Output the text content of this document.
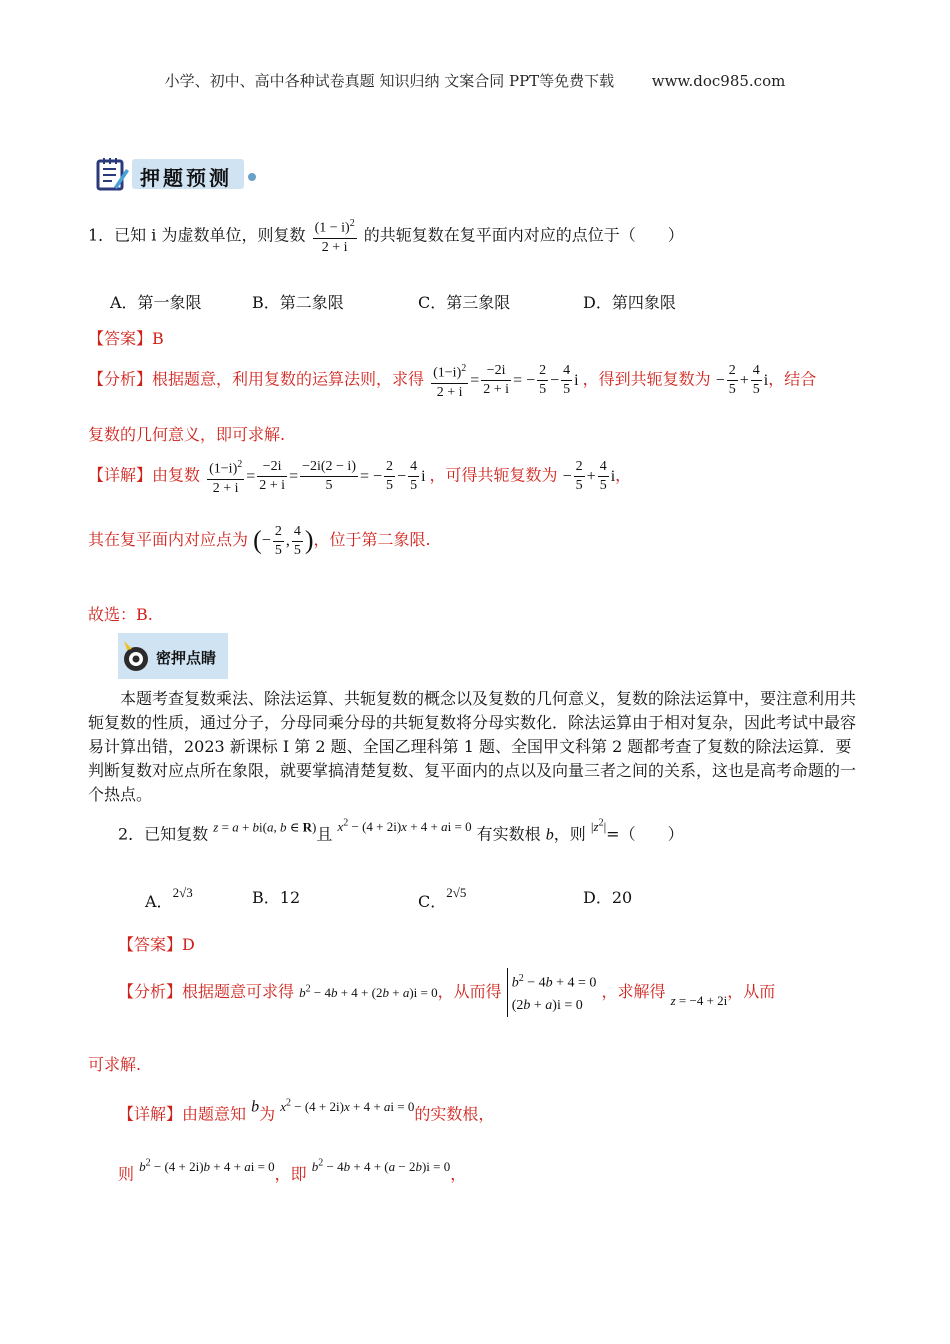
小学、初中、高中各种试卷真题 知识归纳 文案合同 PPT等免费下载	www.doc985.com
押题预测
1．已知 i 为虚数单位，则复数 $\frac{(1 - i)^2}{2 + i}$ 的共轭复数在复平面内对应的点位于（　　）
A．第一象限	B．第二象限	C．第三象限	D．第四象限
【答案】B
【分析】根据题意，利用复数的运算法则，求得 $\frac{(1-i)^2}{2 + i} = \frac{-2i}{2 + i}$ = − $\frac{2}{5} - \frac{4}{5}$ i ，得到共轭复数为 − $\frac{2}{5} + \frac{4}{5}$ i，结合
复数的几何意义，即可求解.
【详解】由复数 $\frac{(1-i)^2}{2 + i} = \frac{-2i}{2 + i} = \frac{-2i(2 - i)}{5}$ = − $\frac{2}{5} - \frac{4}{5}$ i ，可得共轭复数为 − $\frac{2}{5} + \frac{4}{5}$ i，
其在复平面内对应点为 (− $\frac{2}{5}$ , $\frac{4}{5}$ )，位于第二象限.
故选：B.
密押点睛
本题考查复数乘法、除法运算、共轭复数的概念以及复数的几何意义，复数的除法运算中，要注意利用共轭复数的性质，通过分子，分母同乘分母的共轭复数将分母实数化．除法运算由于相对复杂，因此考试中最容易计算出错，2023 新课标 I 第 2 题、全国乙理科第 1 题、全国甲文科第 2 题都考查了复数的除法运算．要判断复数对应点所在象限，就要掌搞清楚复数、复平面内的点以及向量三者之间的关系，这也是高考命题的一个热点。
2．已知复数 $^{z = a + bi(a, b \in R)}$且 $^{x^2 - (4 + 2i)x + 4 + ai = 0}$ 有实数根 b，则 $^{|z^2|}$=（　　）
A．$^{2√3}$	B．12	C．$^{2√5}$	D．20
【答案】D
【分析】根据题意可求得 $b^2 - 4b + 4 + (2b + a)i = 0$，从而得 $b^2 - 4b + 4 = 0$
(2b + a)i = 0
，求解得 $_{z = -4 + 2i}$，从而
可求解.
【详解】由题意知 b为 $^{x^2 - (4 + 2i)x + 4 + ai = 0}$的实数根，
则 $^{b^2 - (4 + 2i)b + 4 + ai = 0}$，即 $^{b^2 - 4b + 4 + (a - 2b)i = 0}$，
